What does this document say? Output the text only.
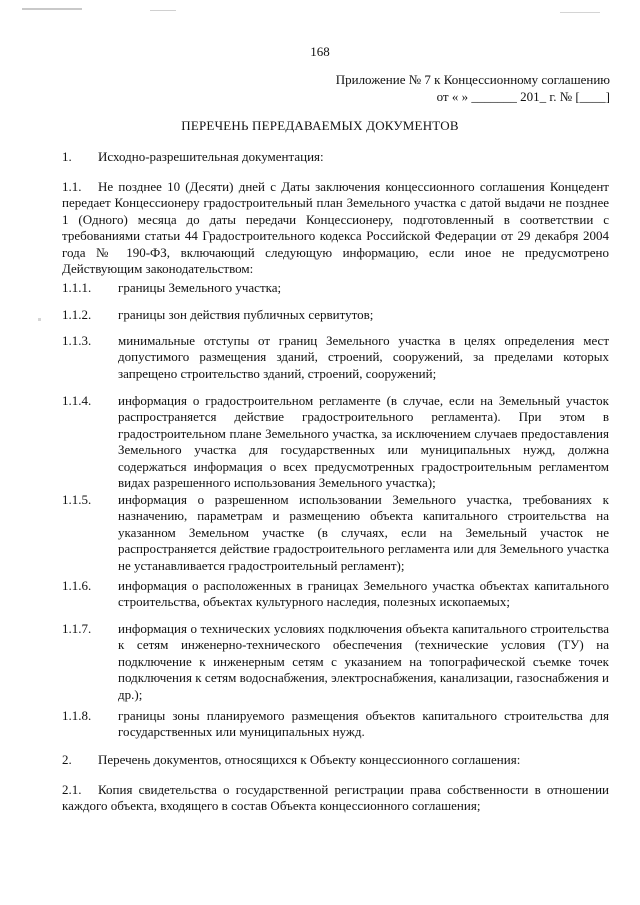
168
Приложение № 7 к Концессионному соглашению
от « » _______ 201_ г. № [____]
ПЕРЕЧЕНЬ ПЕРЕДАВАЕМЫХ ДОКУМЕНТОВ
1. Исходно-разрешительная документация:
1.1. Не позднее 10 (Десяти) дней с Даты заключения концессионного соглашения Концедент передает Концессионеру градостроительный план Земельного участка с датой выдачи не позднее 1 (Одного) месяца до даты передачи Концессионеру, подготовленный в соответствии с требованиями статьи 44 Градостроительного кодекса Российской Федерации от 29 декабря 2004 года № 190-ФЗ, включающий следующую информацию, если иное не предусмотрено Действующим законодательством:
1.1.1. границы Земельного участка;
1.1.2. границы зон действия публичных сервитутов;
1.1.3. минимальные отступы от границ Земельного участка в целях определения мест допустимого размещения зданий, строений, сооружений, за пределами которых запрещено строительство зданий, строений, сооружений;
1.1.4. информация о градостроительном регламенте (в случае, если на Земельный участок распространяется действие градостроительного регламента). При этом в градостроительном плане Земельного участка, за исключением случаев предоставления Земельного участка для государственных или муниципальных нужд, должна содержаться информация о всех предусмотренных градостроительным регламентом видах разрешенного использования Земельного участка);
1.1.5. информация о разрешенном использовании Земельного участка, требованиях к назначению, параметрам и размещению объекта капитального строительства на указанном Земельном участке (в случаях, если на Земельный участок не распространяется действие градостроительного регламента или для Земельного участка не устанавливается градостроительный регламент);
1.1.6. информация о расположенных в границах Земельного участка объектах капитального строительства, объектах культурного наследия, полезных ископаемых;
1.1.7. информация о технических условиях подключения объекта капитального строительства к сетям инженерно-технического обеспечения (технические условия (ТУ) на подключение к инженерным сетям с указанием на топографической съемке точек подключения к сетям водоснабжения, электроснабжения, канализации, газоснабжения и др.);
1.1.8. границы зоны планируемого размещения объектов капитального строительства для государственных или муниципальных нужд.
2. Перечень документов, относящихся к Объекту концессионного соглашения:
2.1. Копия свидетельства о государственной регистрации права собственности в отношении каждого объекта, входящего в состав Объекта концессионного соглашения;
